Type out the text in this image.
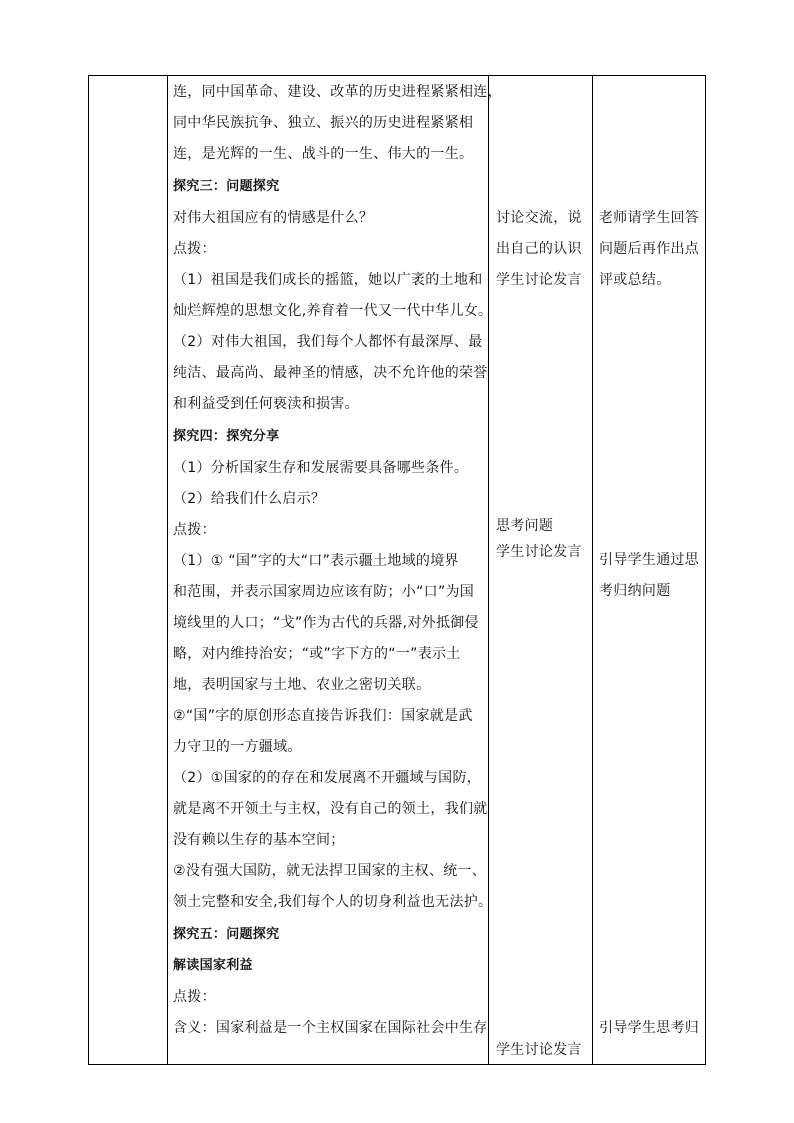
连，同中国革命、建设、改革的历史进程紧紧相连，
同中华民族抗争、独立、振兴的历史进程紧紧相
连，是光辉的一生、战斗的一生、伟大的一生。
探究三：问题探究
对伟大祖国应有的情感是什么？
点拨：
（1）祖国是我们成长的摇篮，她以广袤的土地和
灿烂辉煌的思想文化,养育着一代又一代中华儿女。
（2）对伟大祖国，我们每个人都怀有最深厚、最
纯洁、最高尚、最神圣的情感，决不允许他的荣誉
和利益受到任何亵渎和损害。
探究四：探究分享
（1）分析国家生存和发展需要具备哪些条件。
（2）给我们什么启示？
点拨：
（1）① “国”字的大“口”表示疆土地域的境界
和范围，并表示国家周边应该有防；小“口”为国
境线里的人口；“戈”作为古代的兵器,对外抵御侵
略，对内维持治安；“或”字下方的“一”表示土
地，表明国家与土地、农业之密切关联。
②“国”字的原创形态直接告诉我们：国家就是武
力守卫的一方疆域。
（2）①国家的的存在和发展离不开疆域与国防，
就是离不开领土与主权，没有自己的领土，我们就
没有赖以生存的基本空间；
②没有强大国防，就无法捍卫国家的主权、统一、
领土完整和安全,我们每个人的切身利益也无法护。
探究五：问题探究
解读国家利益
点拨：
含义：国家利益是一个主权国家在国际社会中生存
讨论交流，说
出自己的认识
学生讨论发言
思考问题
学生讨论发言
学生讨论发言
老师请学生回答
问题后再作出点
评或总结。
引导学生通过思
考归纳问题
引导学生思考归
